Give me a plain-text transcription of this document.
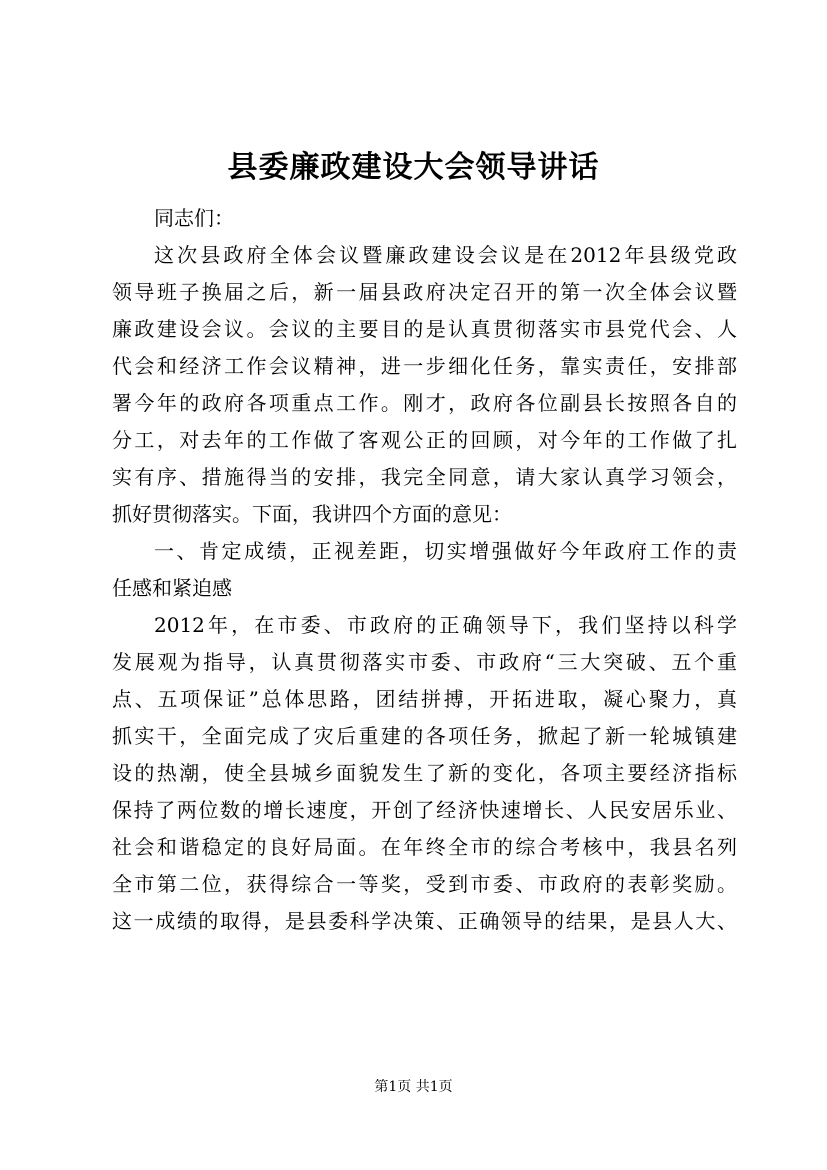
县委廉政建设大会领导讲话
同志们：
这次县政府全体会议暨廉政建设会议是在2012年县级党政
领导班子换届之后，新一届县政府决定召开的第一次全体会议暨
廉政建设会议。会议的主要目的是认真贯彻落实市县党代会、人
代会和经济工作会议精神，进一步细化任务，靠实责任，安排部
署今年的政府各项重点工作。刚才，政府各位副县长按照各自的
分工，对去年的工作做了客观公正的回顾，对今年的工作做了扎
实有序、措施得当的安排，我完全同意，请大家认真学习领会，
抓好贯彻落实。下面，我讲四个方面的意见：
一、肯定成绩，正视差距，切实增强做好今年政府工作的责
任感和紧迫感
2012年，在市委、市政府的正确领导下，我们坚持以科学
发展观为指导，认真贯彻落实市委、市政府“三大突破、五个重
点、五项保证”总体思路，团结拼搏，开拓进取，凝心聚力，真
抓实干，全面完成了灾后重建的各项任务，掀起了新一轮城镇建
设的热潮，使全县城乡面貌发生了新的变化，各项主要经济指标
保持了两位数的增长速度，开创了经济快速增长、人民安居乐业、
社会和谐稳定的良好局面。在年终全市的综合考核中，我县名列
全市第二位，获得综合一等奖，受到市委、市政府的表彰奖励。
这一成绩的取得，是县委科学决策、正确领导的结果，是县人大、
第1页 共1页
